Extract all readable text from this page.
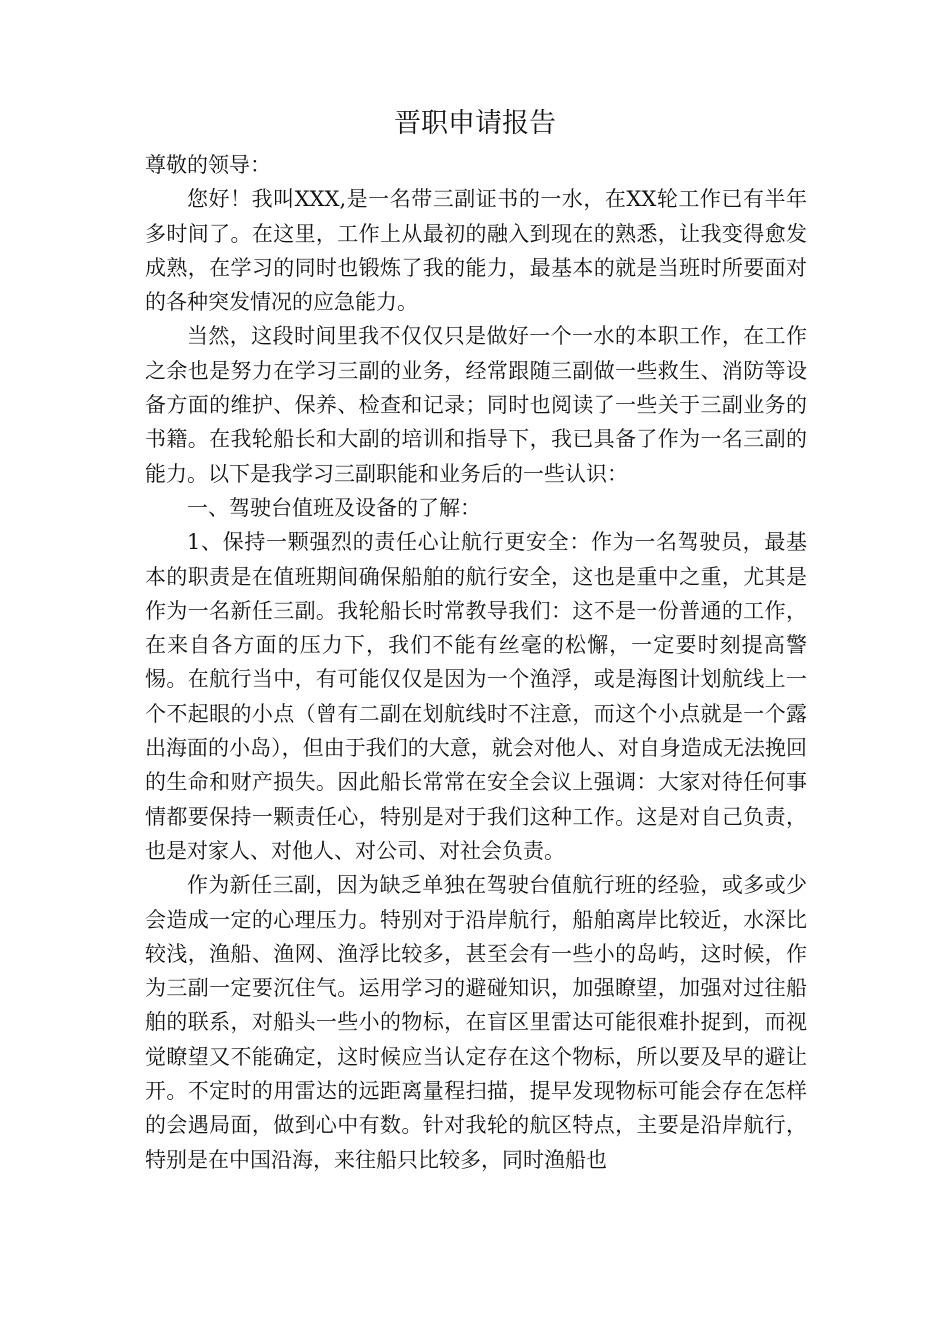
晋职申请报告

尊敬的领导：

您好！我叫XXX,是一名带三副证书的一水，在XX轮工作已有半年多时间了。在这里，工作上从最初的融入到现在的熟悉，让我变得愈发成熟，在学习的同时也锻炼了我的能力，最基本的就是当班时所要面对的各种突发情况的应急能力。

当然，这段时间里我不仅仅只是做好一个一水的本职工作，在工作之余也是努力在学习三副的业务，经常跟随三副做一些救生、消防等设备方面的维护、保养、检查和记录；同时也阅读了一些关于三副业务的书籍。在我轮船长和大副的培训和指导下，我已具备了作为一名三副的能力。以下是我学习三副职能和业务后的一些认识：

一、驾驶台值班及设备的了解：

1、保持一颗强烈的责任心让航行更安全：作为一名驾驶员，最基本的职责是在值班期间确保船舶的航行安全，这也是重中之重，尤其是作为一名新任三副。我轮船长时常教导我们：这不是一份普通的工作，在来自各方面的压力下，我们不能有丝毫的松懈，一定要时刻提高警惕。在航行当中，有可能仅仅是因为一个渔浮，或是海图计划航线上一个不起眼的小点（曾有二副在划航线时不注意，而这个小点就是一个露出海面的小岛），但由于我们的大意，就会对他人、对自身造成无法挽回的生命和财产损失。因此船长常常在安全会议上强调：大家对待任何事情都要保持一颗责任心，特别是对于我们这种工作。这是对自己负责，也是对家人、对他人、对公司、对社会负责。

作为新任三副，因为缺乏单独在驾驶台值航行班的经验，或多或少会造成一定的心理压力。特别对于沿岸航行，船舶离岸比较近，水深比较浅，渔船、渔网、渔浮比较多，甚至会有一些小的岛屿，这时候，作为三副一定要沉住气。运用学习的避碰知识，加强瞭望，加强对过往船舶的联系，对船头一些小的物标，在盲区里雷达可能很难扑捉到，而视觉瞭望又不能确定，这时候应当认定存在这个物标，所以要及早的避让开。不定时的用雷达的远距离量程扫描，提早发现物标可能会存在怎样的会遇局面，做到心中有数。针对我轮的航区特点，主要是沿岸航行，特别是在中国沿海，来往船只比较多，同时渔船也
